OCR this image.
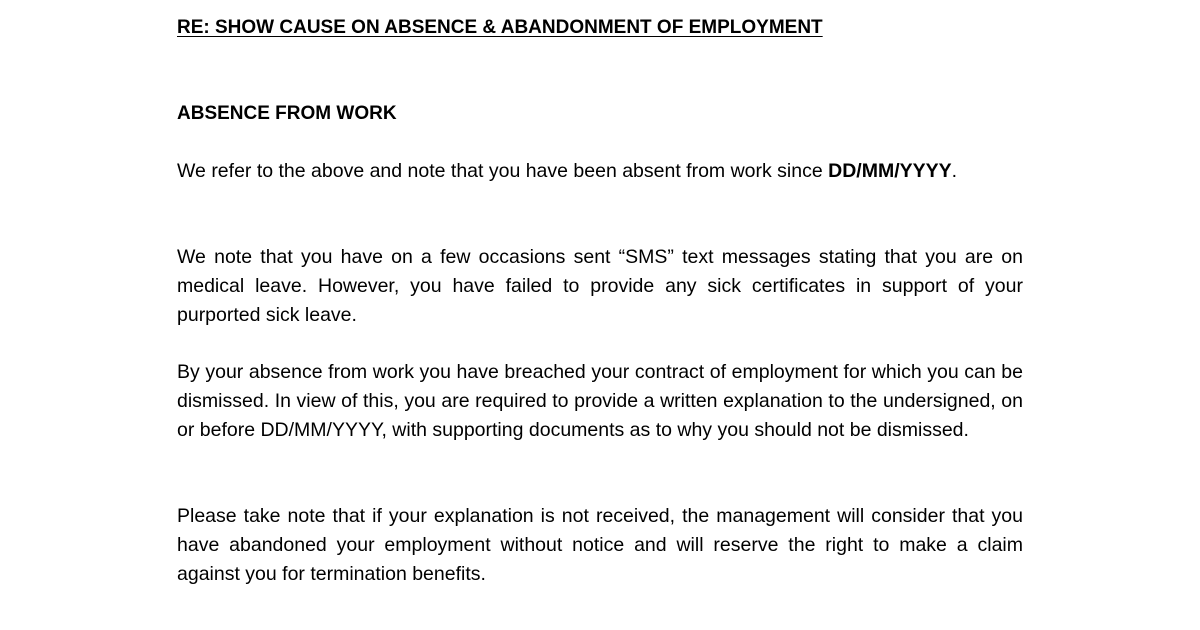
RE: SHOW CAUSE ON ABSENCE & ABANDONMENT OF EMPLOYMENT
ABSENCE FROM WORK

We refer to the above and note that you have been absent from work since DD/MM/YYYY.

We note that you have on a few occasions sent “SMS” text messages stating that you are on medical leave. However, you have failed to provide any sick certificates in support of your purported sick leave.

By your absence from work you have breached your contract of employment for which you can be dismissed. In view of this, you are required to provide a written explanation to the undersigned, on or before DD/MM/YYYY, with supporting documents as to why you should not be dismissed.

Please take note that if your explanation is not received, the management will consider that you have abandoned your employment without notice and will reserve the right to make a claim against you for termination benefits.
